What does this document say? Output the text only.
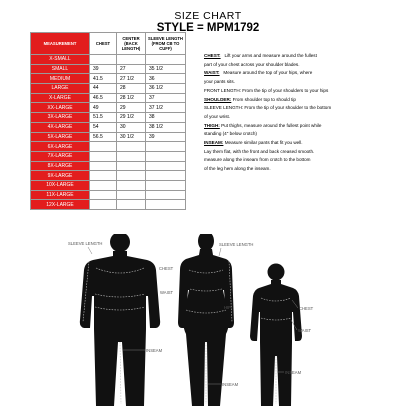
SIZE CHART
STYLE = MPM1792
MEASUREMENT	CHEST	CENTER (BACK LENGTH)	SLEEVE LENGTH (FROM CB TO CUFF)
X-SMALL			
SMALL	39	27	35 1/2
MEDIUM	41.5	27 1/2	36
LARGE	44	28	36 1/2
X-LARGE	46.5	28 1/2	37
XX-LARGE	49	29	37 1/2
3X-LARGE	51.5	29 1/2	38
4X-LARGE	54	30	38 1/2
5X-LARGE	56.5	30 1/2	39
6X-LARGE			
7X-LARGE			
8X-LARGE			
9X-LARGE			
10X-LARGE			
11X-LARGE			
12X-LARGE			

CHEST: Lift your arms and measure around the fullest

part of your chest across your shoulder blades.

WAIST: Measure around the top of your hips, where

your pants sits.

FRONT LENGTH: From the tip of your shoulders to your hips

SHOULDER: From shoulder top to should tip

SLEEVE LENGTH: From the tip of your shoulder to the bottom

of your wrist.

THIGH: Put thighs, measure around the fullest point while

standing (4" below crotch)

INSEAM: Measure similar pants that fit you well.

Lay them flat, with the front and back creased smooth.

measure along the inseam from crotch to the bottom

of the leg hem along the inseam.

SLEEVE LENGTH
CHEST
WAIST
INSEAM
SLEEVE LENGTH
HIP
INSEAM
CHEST
WAIST
INSEAM
